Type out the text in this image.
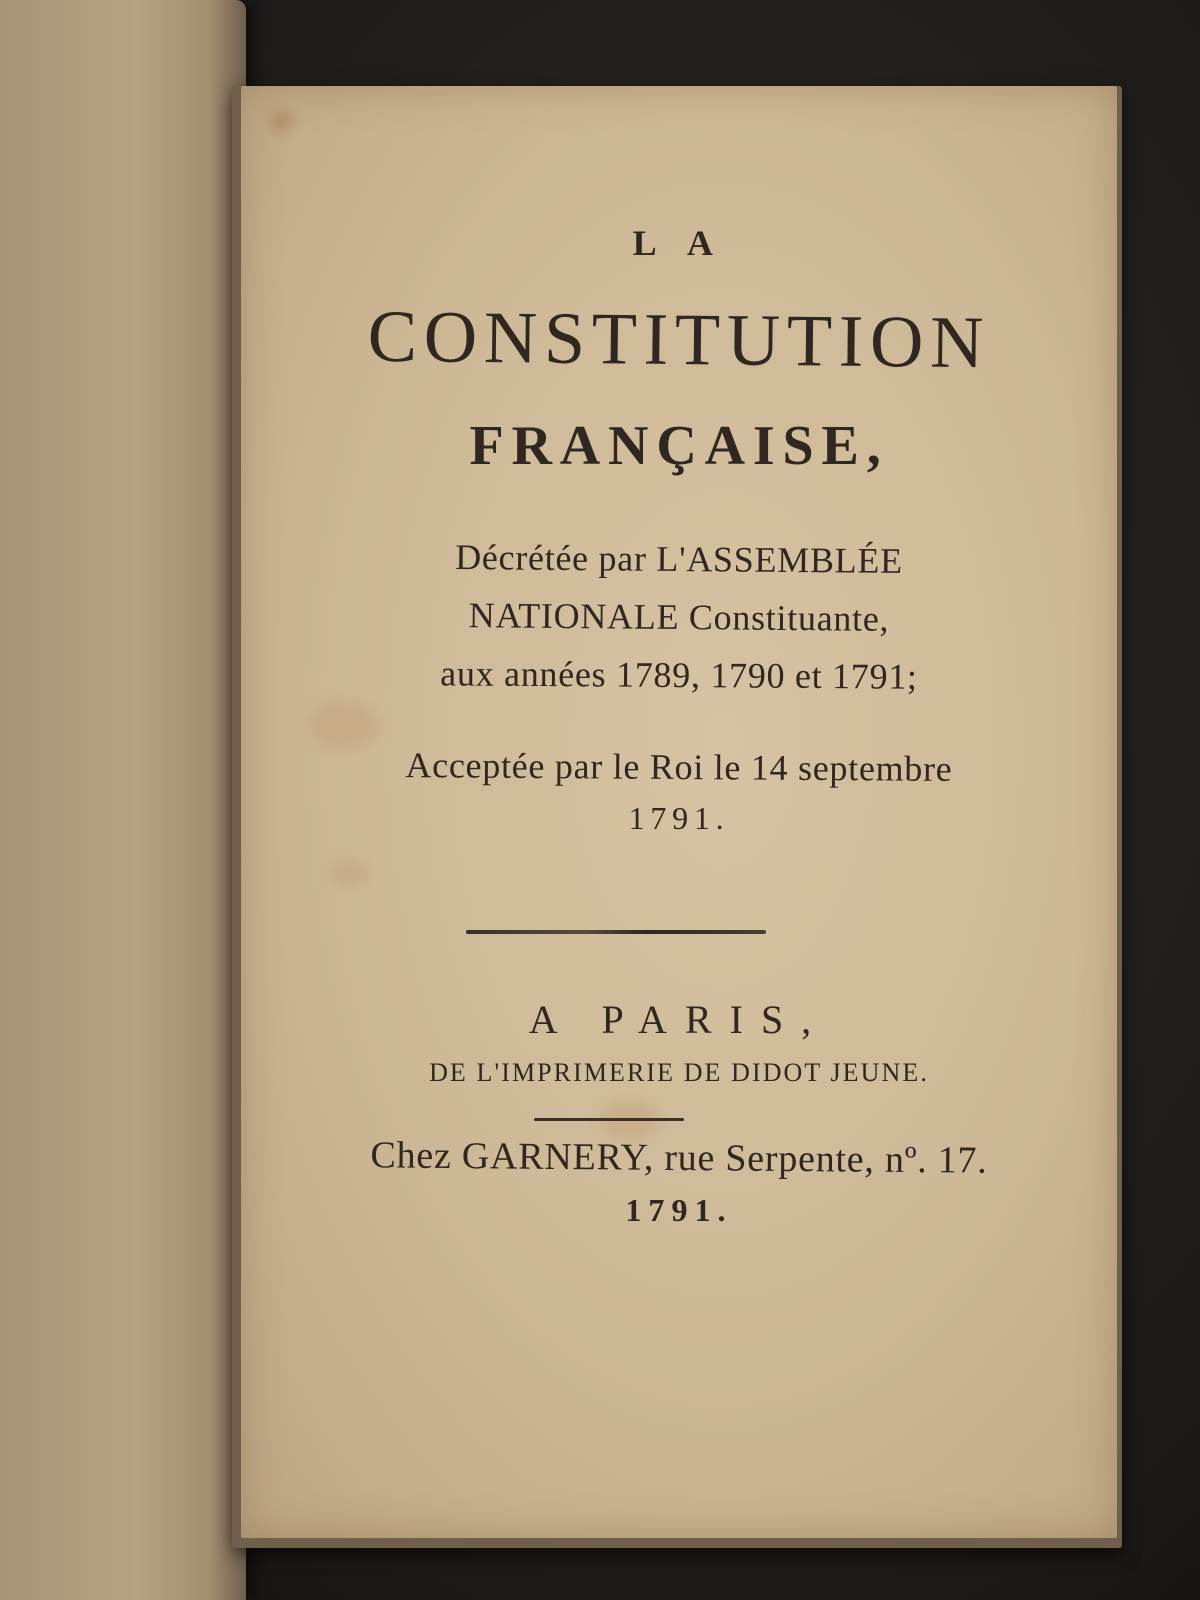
L A
CONSTITUTION
FRANÇAISE,
Décrétée par L'ASSEMBLÉE
NATIONALE Constituante,
aux années 1789, 1790 et 1791;
Acceptée par le Roi le 14 septembre
1791.
A PARIS,
DE L'IMPRIMERIE DE DIDOT JEUNE.
Chez GARNERY, rue Serpente, nº. 17.
1791.
